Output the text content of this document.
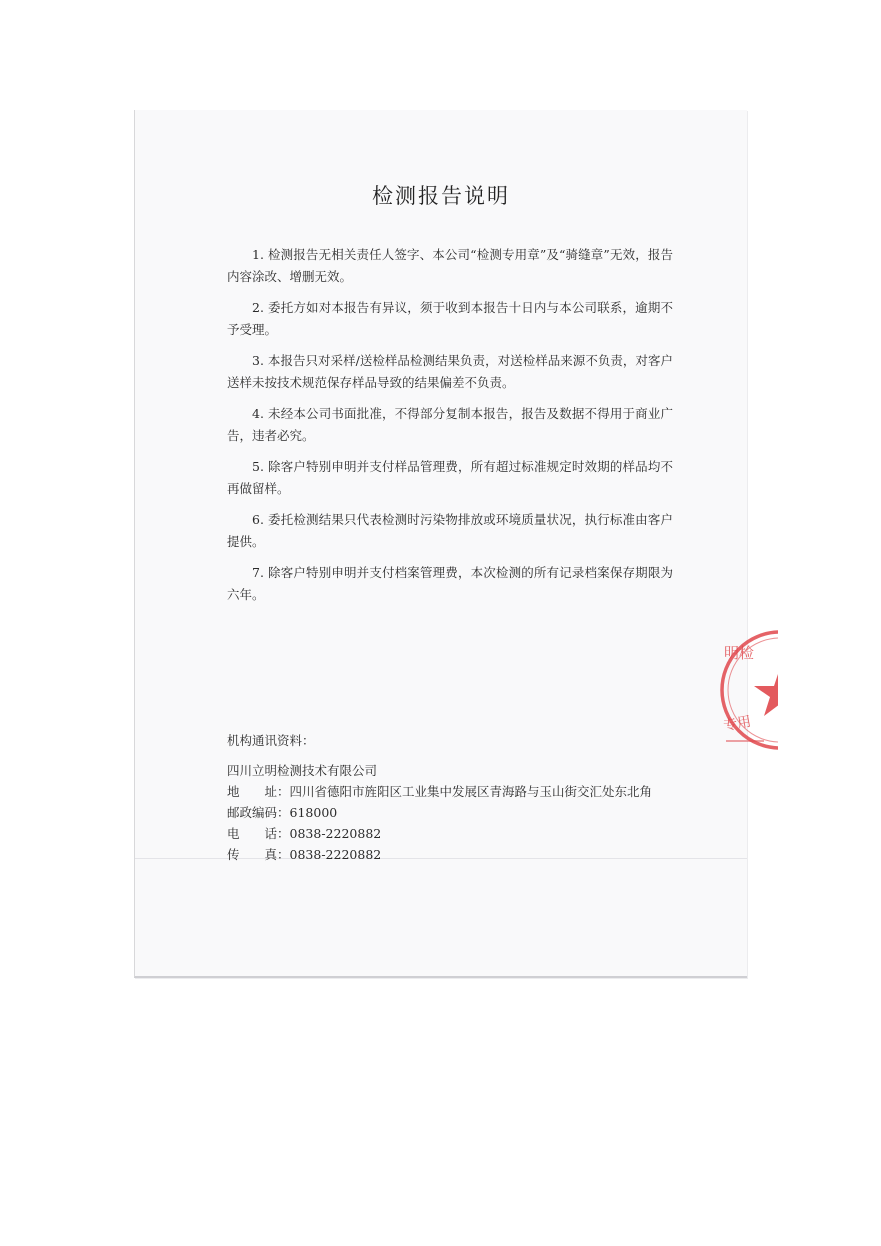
检测报告说明

1. 检测报告无相关责任人签字、本公司“检测专用章”及“骑缝章”无效，报告内容涂改、增删无效。

2. 委托方如对本报告有异议，须于收到本报告十日内与本公司联系，逾期不予受理。

3. 本报告只对采样/送检样品检测结果负责，对送检样品来源不负责，对客户送样未按技术规范保存样品导致的结果偏差不负责。

4. 未经本公司书面批准，不得部分复制本报告，报告及数据不得用于商业广告，违者必究。

5. 除客户特别申明并支付样品管理费，所有超过标准规定时效期的样品均不再做留样。

6. 委托检测结果只代表检测时污染物排放或环境质量状况，执行标准由客户提供。

7. 除客户特别申明并支付档案管理费，本次检测的所有记录档案保存期限为六年。

机构通讯资料：
四川立明检测技术有限公司
地　　址：四川省德阳市旌阳区工业集中发展区青海路与玉山街交汇处东北角
邮政编码：618000
电　　话：0838-2220882
传　　真：0838-2220882
明检
专用
